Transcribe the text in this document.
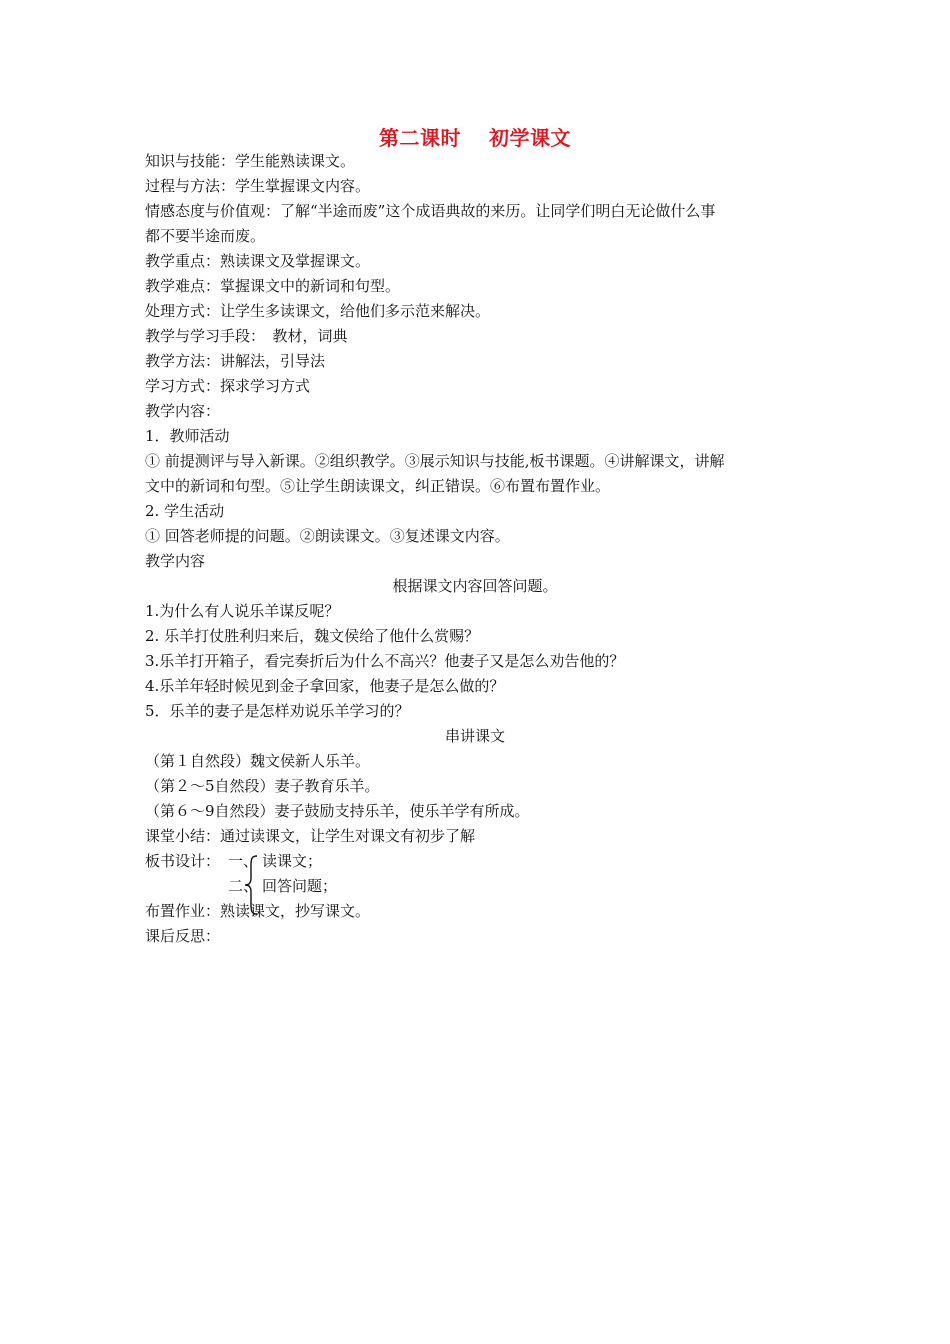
第二课时　 初学课文
知识与技能：学生能熟读课文。
过程与方法：学生掌握课文内容。
情感态度与价值观：了解“半途而废”这个成语典故的来历。让同学们明白无论做什么事
都不要半途而废。
教学重点：熟读课文及掌握课文。
教学难点：掌握课文中的新词和句型。
处理方式：让学生多读课文，给他们多示范来解决。
教学与学习手段：　教材，词典
教学方法：讲解法，引导法
学习方式：探求学习方式
教学内容：
1．教师活动
① 前提测评与导入新课。②组织教学。③展示知识与技能,板书课题。④讲解课文，讲解
文中的新词和句型。⑤让学生朗读课文，纠正错误。⑥布置布置作业。
2. 学生活动
① 回答老师提的问题。②朗读课文。③复述课文内容。
教学内容
根据课文内容回答问题。
1.为什么有人说乐羊谋反呢？
2. 乐羊打仗胜利归来后，魏文侯给了他什么赏赐？
3.乐羊打开箱子，看完奏折后为什么不高兴？他妻子又是怎么劝告他的？
4.乐羊年轻时候见到金子拿回家，他妻子是怎么做的？
5．乐羊的妻子是怎样劝说乐羊学习的？
串讲课文
（第１自然段）魏文侯新人乐羊。
（第２～5自然段）妻子教育乐羊。
（第６～9自然段）妻子鼓励支持乐羊，使乐羊学有所成。
课堂小结：通过读课文，让学生对课文有初步了解
板书设计： 一、 读课文；
二、 回答问题；
布置作业：熟读课文，抄写课文。
课后反思：
